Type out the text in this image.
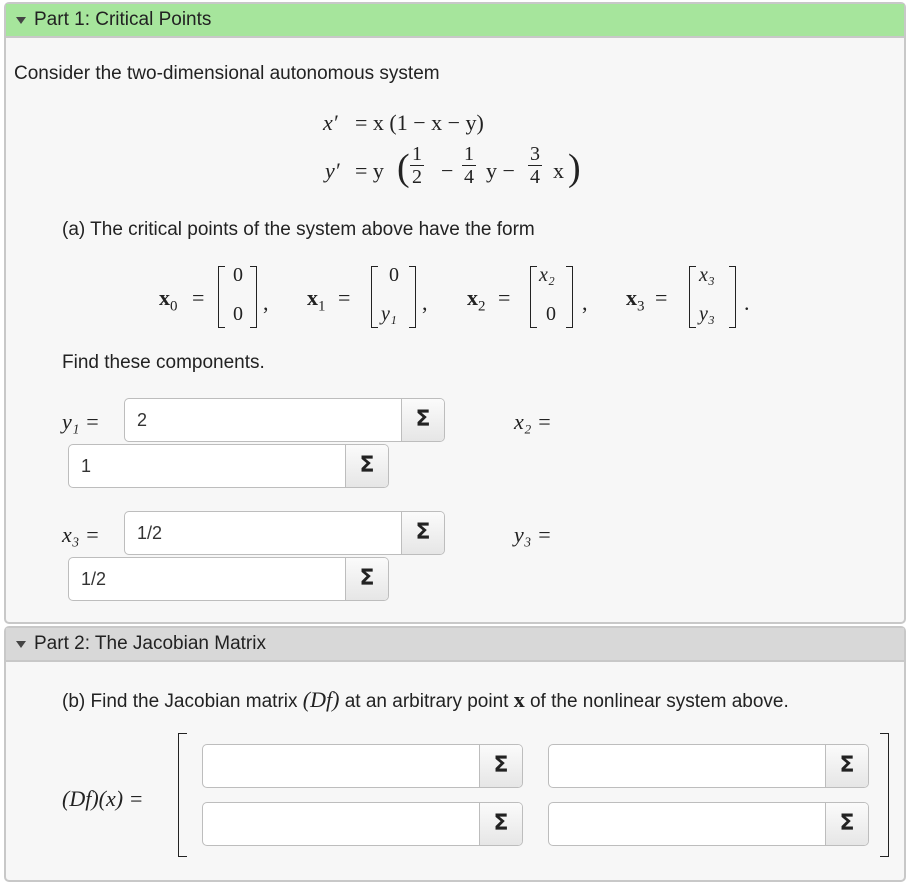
Part 1: Critical Points
Consider the two-dimensional autonomous system
x′ = x (1 − x − y)
y′ = y ( $\frac{1}{2} - \frac{1}{4}$ $y - \frac{3}{4}$ x )
(a) The critical points of the system above have the form
$x_0$ =
0
0 , $x_1$ =
0
y₁ , $x_2$ =
x₂
0 , $x_3$ =
x₃
y₃ .
Find these components.
y₁ =
2	Σ	x₂ =
1
Σ
x₃ =
1/2	Σ	y₃ =
1/2
Σ
Part 2: The Jacobian Matrix
(b) Find the Jacobian matrix (Df) at an arbitrary point x of the nonlinear system above.
(Df)(x) =
Σ	Σ
Σ	Σ
